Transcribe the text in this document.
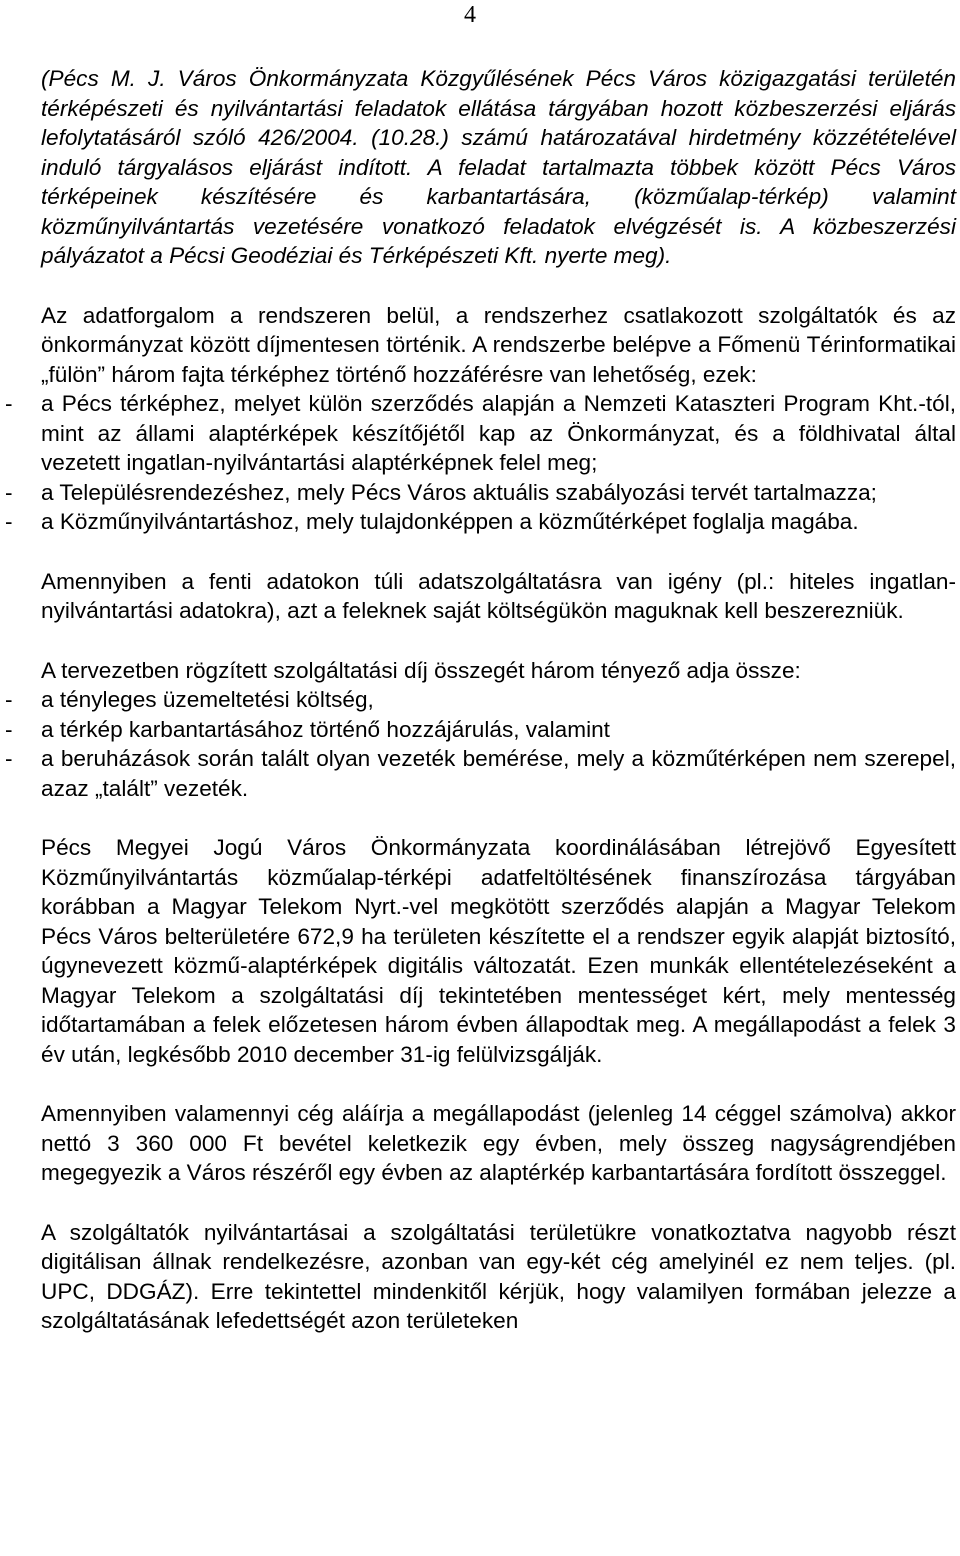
4

(Pécs M. J. Város Önkormányzata Közgyűlésének Pécs Város közigazgatási területén térképészeti és nyilvántartási feladatok ellátása tárgyában hozott közbeszerzési eljárás lefolytatásáról szóló 426/2004. (10.28.) számú határozatával hirdetmény közzétételével induló tárgyalásos eljárást indított. A feladat tartalmazta többek között Pécs Város térképeinek készítésére és karbantartására, (közműalap-térkép) valamint közműnyilvántartás vezetésére vonatkozó feladatok elvégzését is. A közbeszerzési pályázatot a Pécsi Geodéziai és Térképészeti Kft. nyerte meg).

Az adatforgalom a rendszeren belül, a rendszerhez csatlakozott szolgáltatók és az önkormányzat között díjmentesen történik. A rendszerbe belépve a Főmenü Térinformatikai „fülön” három fajta térképhez történő hozzáférésre van lehetőség, ezek:

- a Pécs térképhez, melyet külön szerződés alapján a Nemzeti Kataszteri Program Kht.-tól, mint az állami alaptérképek készítőjétől kap az Önkormányzat, és a földhivatal által vezetett ingatlan-nyilvántartási alaptérképnek felel meg;
- a Településrendezéshez, mely Pécs Város aktuális szabályozási tervét tartalmazza;
- a Közműnyilvántartáshoz, mely tulajdonképpen a közműtérképet foglalja magába.

Amennyiben a fenti adatokon túli adatszolgáltatásra van igény (pl.: hiteles ingatlan-nyilvántartási adatokra), azt a feleknek saját költségükön maguknak kell beszerezniük.

A tervezetben rögzített szolgáltatási díj összegét három tényező adja össze:

- a tényleges üzemeltetési költség,
- a térkép karbantartásához történő hozzájárulás, valamint
- a beruházások során talált olyan vezeték bemérése, mely a közműtérképen nem szerepel, azaz „talált” vezeték.

Pécs Megyei Jogú Város Önkormányzata koordinálásában létrejövő Egyesített Közműnyilvántartás közműalap-térképi adatfeltöltésének finanszírozása tárgyában korábban a Magyar Telekom Nyrt.-vel megkötött szerződés alapján a Magyar Telekom Pécs Város belterületére 672,9 ha területen készítette el a rendszer egyik alapját biztosító, úgynevezett közmű-alaptérképek digitális változatát. Ezen munkák ellentételezéseként a Magyar Telekom a szolgáltatási díj tekintetében mentességet kért, mely mentesség időtartamában a felek előzetesen három évben állapodtak meg. A megállapodást a felek 3 év után, legkésőbb 2010 december 31-ig felülvizsgálják.

Amennyiben valamennyi cég aláírja a megállapodást (jelenleg 14 céggel számolva) akkor nettó 3 360 000 Ft bevétel keletkezik egy évben, mely összeg nagyságrendjében megegyezik a Város részéről egy évben az alaptérkép karbantartására fordított összeggel.

A szolgáltatók nyilvántartásai a szolgáltatási területükre vonatkoztatva nagyobb részt digitálisan állnak rendelkezésre, azonban van egy-két cég amelyinél ez nem teljes. (pl. UPC, DDGÁZ). Erre tekintettel mindenkitől kérjük, hogy valamilyen formában jelezze a szolgáltatásának lefedettségét azon területeken
